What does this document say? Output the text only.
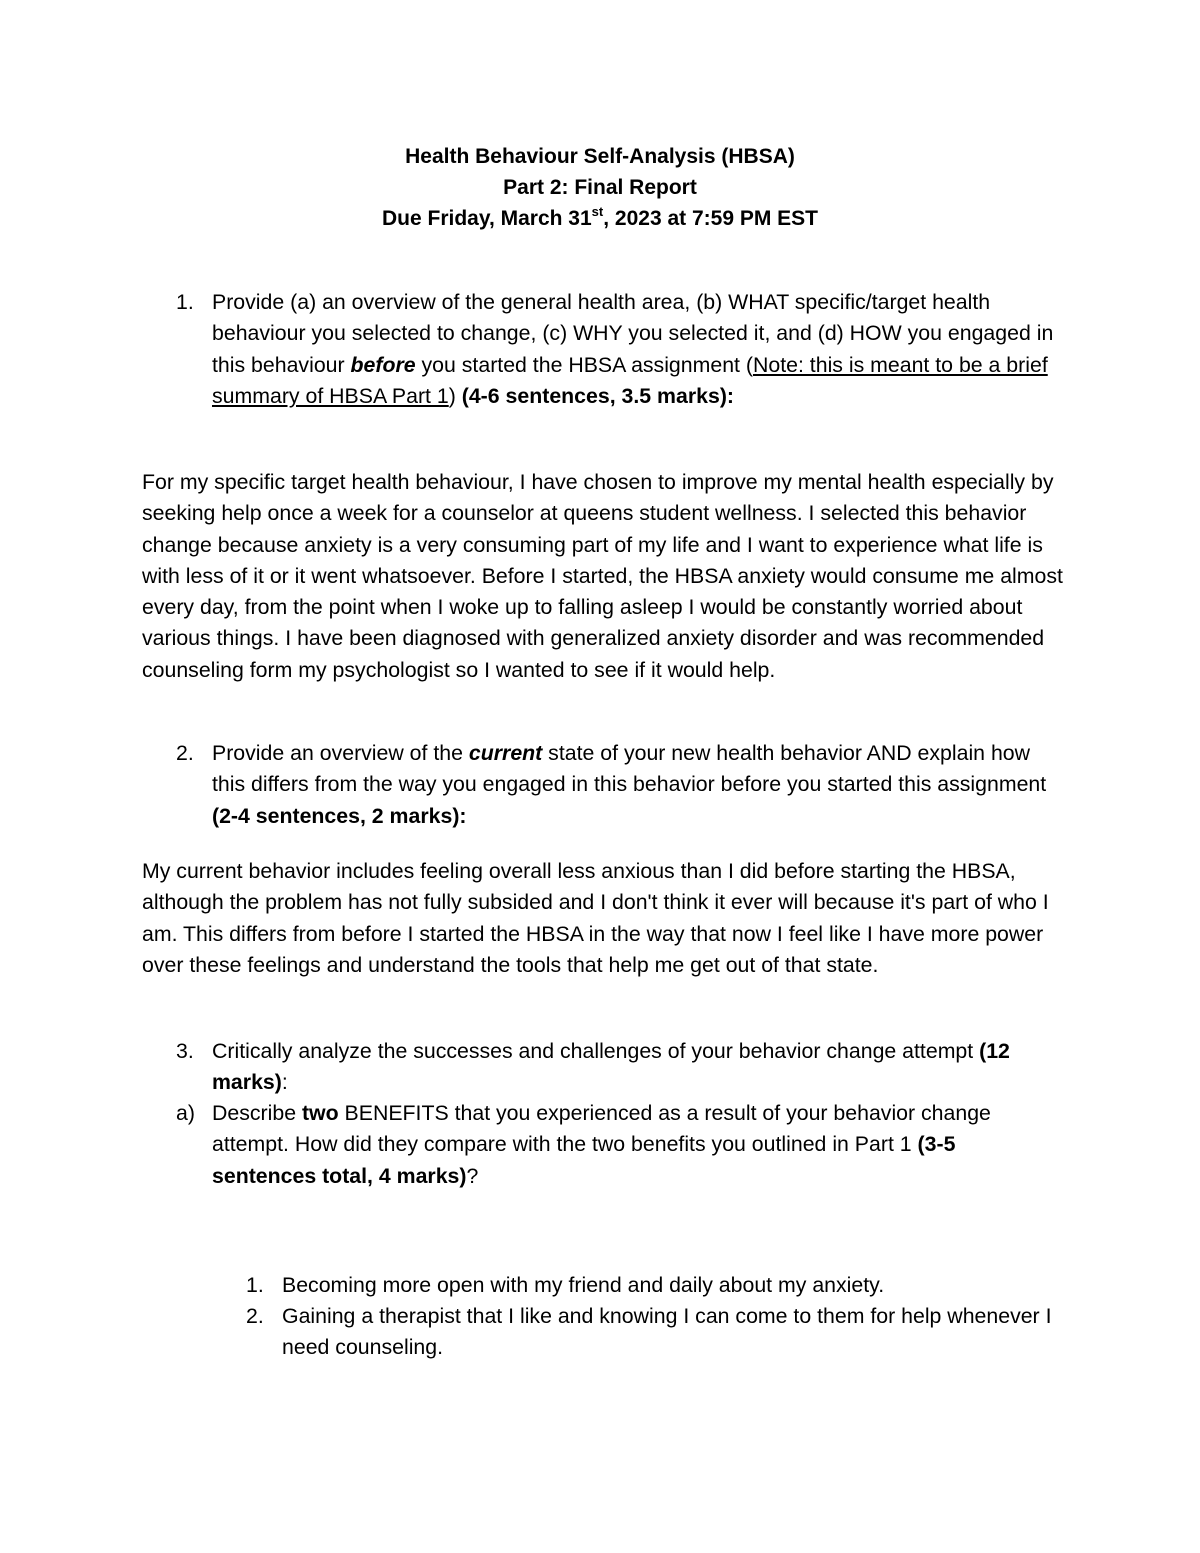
Health Behaviour Self-Analysis (HBSA)
Part 2: Final Report
Due Friday, March 31st, 2023 at 7:59 PM EST
1. Provide (a) an overview of the general health area, (b) WHAT specific/target health behaviour you selected to change, (c) WHY you selected it, and (d) HOW you engaged in this behaviour before you started the HBSA assignment (Note: this is meant to be a brief summary of HBSA Part 1) (4-6 sentences, 3.5 marks):
For my specific target health behaviour, I have chosen to improve my mental health especially by seeking help once a week for a counselor at queens student wellness. I selected this behavior change because anxiety is a very consuming part of my life and I want to experience what life is with less of it or it went whatsoever. Before I started, the HBSA anxiety would consume me almost every day, from the point when I woke up to falling asleep I would be constantly worried about various things. I have been diagnosed with generalized anxiety disorder and was recommended counseling form my psychologist so I wanted to see if it would help.
2. Provide an overview of the current state of your new health behavior AND explain how this differs from the way you engaged in this behavior before you started this assignment (2-4 sentences, 2 marks):
My current behavior includes feeling overall less anxious than I did before starting the HBSA, although the problem has not fully subsided and I don't think it ever will because it's part of who I am. This differs from before I started the HBSA in the way that now I feel like I have more power over these feelings and understand the tools that help me get out of that state.
3. Critically analyze the successes and challenges of your behavior change attempt (12 marks):
a) Describe two BENEFITS that you experienced as a result of your behavior change attempt. How did they compare with the two benefits you outlined in Part 1 (3-5 sentences total, 4 marks)?
1. Becoming more open with my friend and daily about my anxiety.
2. Gaining a therapist that I like and knowing I can come to them for help whenever I need counseling.
